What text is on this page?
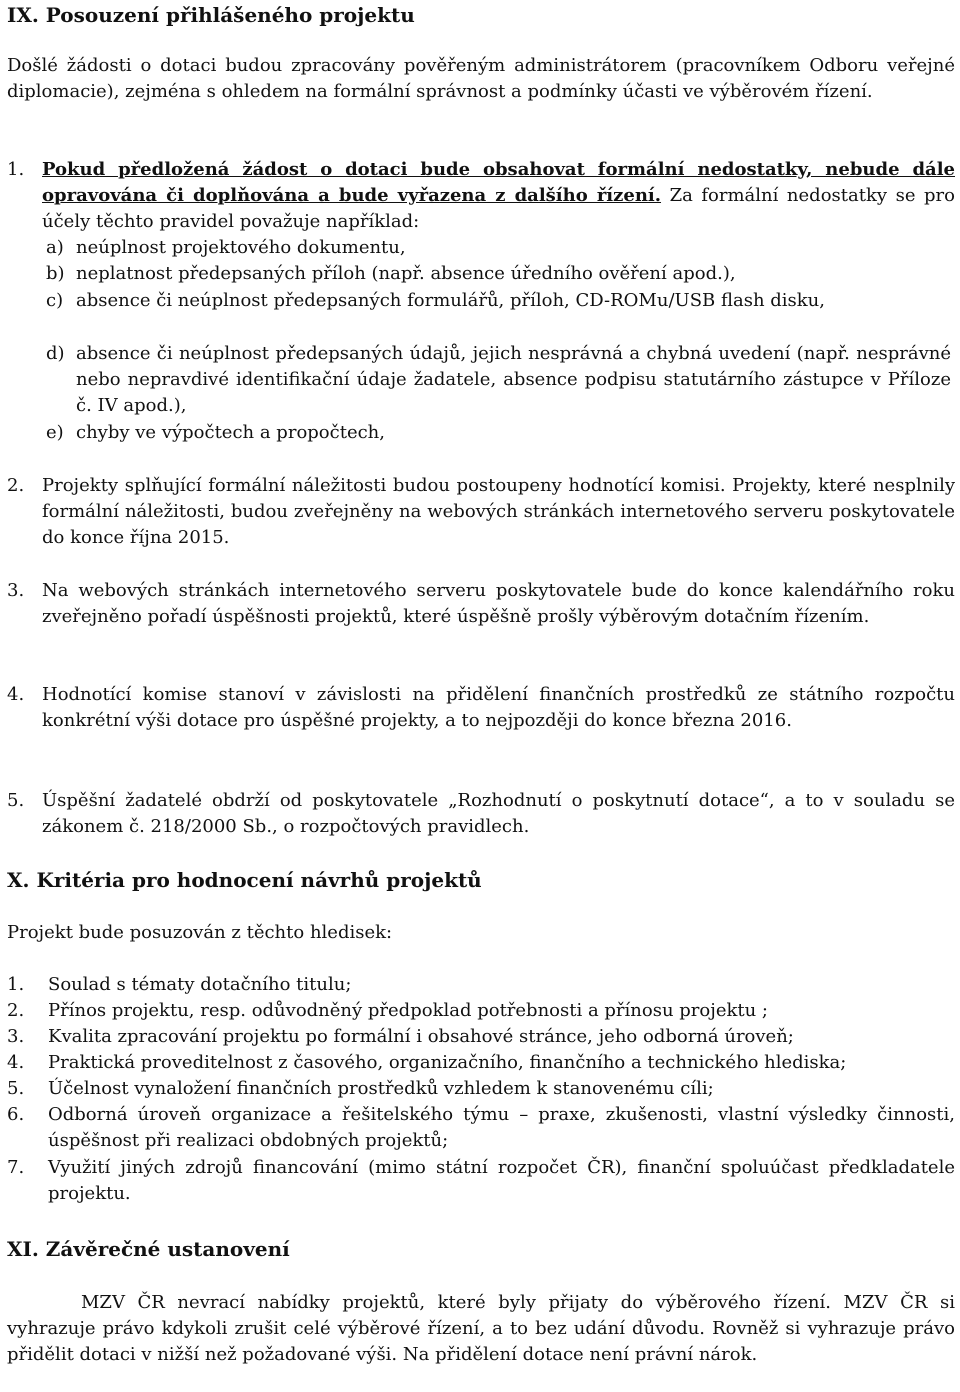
IX. Posouzení přihlášeného projektu

Došlé žádosti o dotaci budou zpracovány pověřeným administrátorem (pracovníkem Odboru veřejné diplomacie), zejména s ohledem na formální správnost a podmínky účasti ve výběrovém řízení.

1. Pokud předložená žádost o dotaci bude obsahovat formální nedostatky, nebude dále opravována či doplňována a bude vyřazena z dalšího řízení. Za formální nedostatky se pro účely těchto pravidel považuje například:
a) neúplnost projektového dokumentu,
b) neplatnost předepsaných příloh (např. absence úředního ověření apod.),
c) absence či neúplnost předepsaných formulářů, příloh, CD-ROMu/USB flash disku,
d) absence či neúplnost předepsaných údajů, jejich nesprávná a chybná uvedení (např. nesprávné nebo nepravdivé identifikační údaje žadatele, absence podpisu statutárního zástupce v Příloze č. IV apod.),
e) chyby ve výpočtech a propočtech,
2. Projekty splňující formální náležitosti budou postoupeny hodnotící komisi. Projekty, které nesplnily formální náležitosti, budou zveřejněny na webových stránkách internetového serveru poskytovatele do konce října 2015.
3. Na webových stránkách internetového serveru poskytovatele bude do konce kalendářního roku zveřejněno pořadí úspěšnosti projektů, které úspěšně prošly výběrovým dotačním řízením.
4. Hodnotící komise stanoví v závislosti na přidělení finančních prostředků ze státního rozpočtu konkrétní výši dotace pro úspěšné projekty, a to nejpozději do konce března 2016.
5. Úspěšní žadatelé obdrží od poskytovatele „Rozhodnutí o poskytnutí dotace“, a to v souladu se zákonem č. 218/2000 Sb., o rozpočtových pravidlech.
X. Kritéria pro hodnocení návrhů projektů

Projekt bude posuzován z těchto hledisek:

1. Soulad s tématy dotačního titulu;
2. Přínos projektu, resp. odůvodněný předpoklad potřebnosti a přínosu projektu ;
3. Kvalita zpracování projektu po formální i obsahové stránce, jeho odborná úroveň;
4. Praktická proveditelnost z časového, organizačního, finančního a technického hlediska;
5. Účelnost vynaložení finančních prostředků vzhledem k stanovenému cíli;
6. Odborná úroveň organizace a řešitelského týmu – praxe, zkušenosti, vlastní výsledky činnosti, úspěšnost při realizaci obdobných projektů;
7. Využití jiných zdrojů financování (mimo státní rozpočet ČR), finanční spoluúčast předkladatele projektu.
XI. Závěrečné ustanovení

MZV ČR nevrací nabídky projektů, které byly přijaty do výběrového řízení. MZV ČR si vyhrazuje právo kdykoli zrušit celé výběrové řízení, a to bez udání důvodu. Rovněž si vyhrazuje právo přidělit dotaci v nižší než požadované výši. Na přidělení dotace není právní nárok.
